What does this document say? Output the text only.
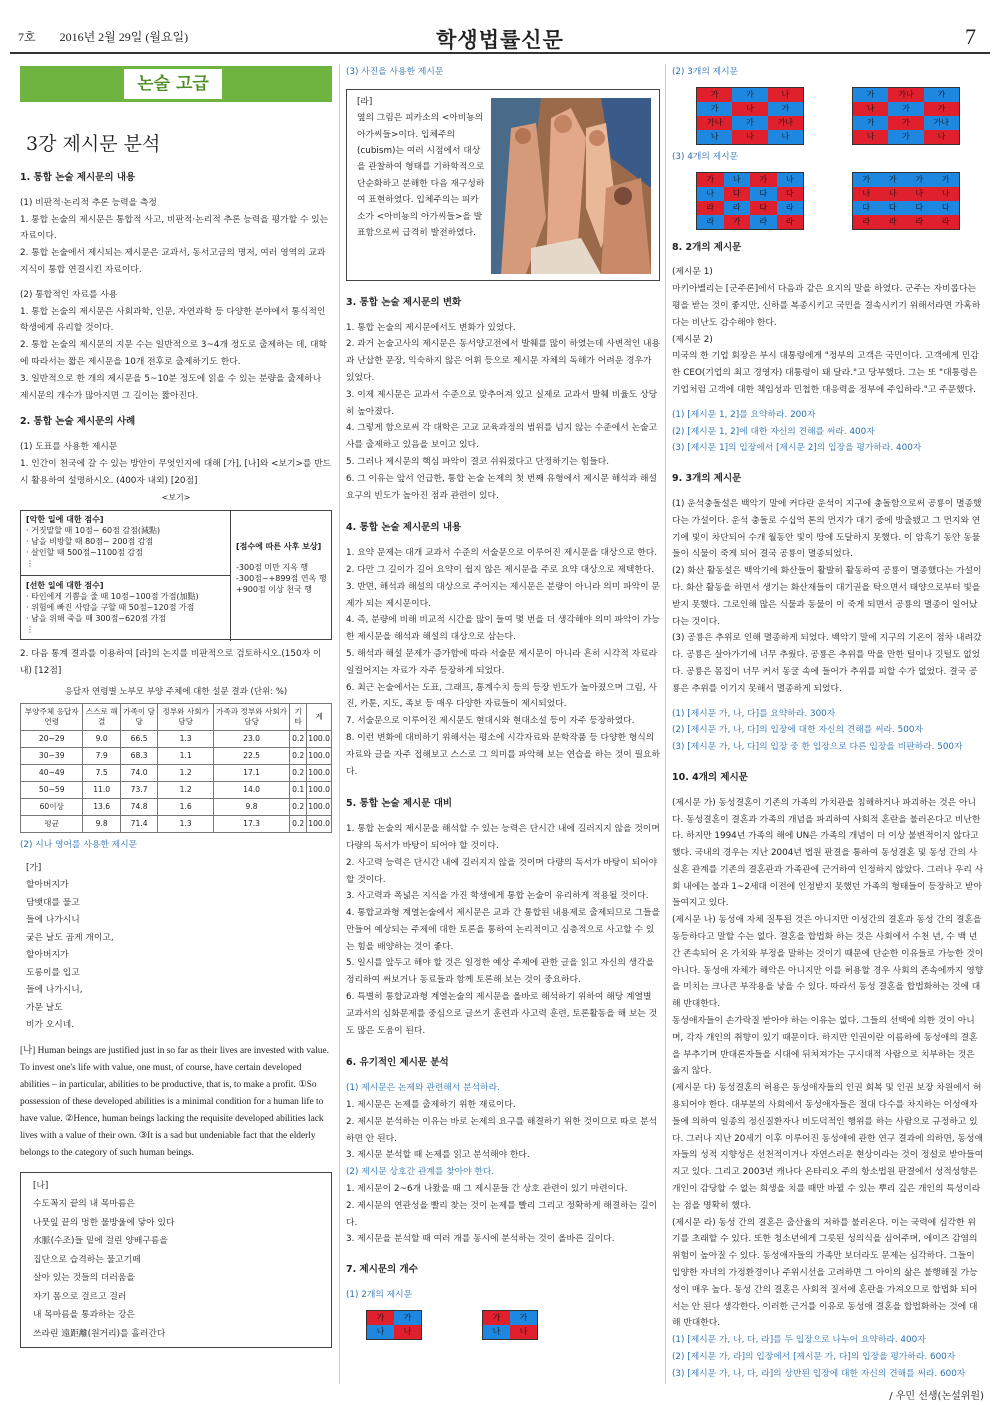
7호 2016년 2월 29일 (월요일)	학생법률신문	7
논술 고급
3강 제시문 분석
1. 통합 논술 제시문의 내용
(1) 비판적·논리적 추론 능력을 측정
1. 통합 논술의 제시문은 통합적 사고, 비판적·논리적 추론 능력을 평가할 수 있는 자료이다.
2. 통합 논술에서 제시되는 제시문은 교과서, 동서고금의 명저, 여러 영역의 교과 지식이 통합 연결시킨 자료이다.
(2) 통합적인 자료를 사용
1. 통합 논술의 제시문은 사회과학, 인문, 자연과학 등 다양한 분야에서 통식적인 학생에게 유리할 것이다.
2. 통합 논술의 제시문의 지문 수는 일반적으로 3~4개 정도로 출제하는 데, 대학에 따라서는 짧은 제시문을 10개 전후로 출제하기도 한다.
3. 일반적으로 한 개의 제시문을 5~10분 정도에 읽을 수 있는 분량을 출제하나 제시문의 개수가 많아지면 그 길이는 짧아진다.
2. 통합 논술 제시문의 사례
(1) 도표를 사용한 제시문
1. 인간이 천국에 갈 수 있는 방안이 무엇인지에 대해 [가], [나]와 <보기>를 반드시 활용하여 설명하시오. (400자 내외) [20점]
<보기>
[악한 일에 대한 점수]
· 거짓말할 때 10점~ 60점 감점(減點)
· 남을 비방할 때 80점~ 200점 감점
· 살인할 때 500점~1100점 감점
⋮
[선한 일에 대한 점수]
· 타인에게 기쁨을 줄 때 10점~100점 가점(加點)
· 위험에 빠진 사람을 구할 때 50점~120점 가점
· 남을 위해 죽을 때 300점~620점 가점
⋮
[점수에 따른 사후 보상]
-300점 미만 지옥 행
-300점~+899점 연옥 행
+900점 이상 천국 행
2. 다음 통계 결과를 이용하여 [라]의 논지를 비판적으로 검토하시오.(150자 이내) [12점]
응답자 연령별 노부모 부양 주체에 대한 설문 결과 (단위: %)
부양주체 응답자연령	스스로 해결	가족이 담당	정부와 사회가 담당	가족과 정부와 사회가 담당	기타	계
20~29	9.0	66.5	1.3	23.0	0.2	100.0
30~39	7.9	68.3	1.1	22.5	0.2	100.0
40~49	7.5	74.0	1.2	17.1	0.2	100.0
50~59	11.0	73.7	1.2	14.0	0.1	100.0
60이상	13.6	74.8	1.6	9.8	0.2	100.0
평균	9.8	71.4	1.3	17.3	0.2	100.0
(2) 시나 영어를 사용한 제시문
[가]
할아버지가
담뱃대를 물고
들에 나가시니
궂은 날도 곱게 개이고,
할아버지가
도롱이를 입고
들에 나가시니,
가문 날도
비가 오시네.
[나] Human beings are justified just in so far as their lives are invested with value. To invest one's life with value, one must, of course, have certain developed abilities – in particular, abilities to be productive, that is, to make a profit. ①So possession of these developed abilities is a minimal condition for a human life to have value. ②Hence, human beings lacking the requisite developed abilities lack lives with a value of their own. ③It is a sad but undeniable fact that the elderly belongs to the category of such human beings.
[나]
수도꼭지 끝의 내 목마름은
나뭇잎 끝의 멍한 물방울에 닿아 있다
水脈(수조)들 밑에 걸린 양배구름을
집단으로 습격하는 물고기떼
살아 있는 것들의 더러움을
자기 몸으로 걸르고 걸러
내 목마름을 통과하는 강은
쓰라린 遠距離(원거리)를 흘러간다
(3) 사진을 사용한 제시문
[라]
옆의 그림은 피카소의 <아비뇽의 아가씨들>이다. 입체주의(cubism)는 여러 시점에서 대상을 관찰하여 형태를 기하학적으로 단순화하고 분해한 다음 재구성하여 표현하였다. 입체주의는 피카소가 <아비뇽의 아가씨들>을 발표함으로써 급격히 발전하였다.
3. 통합 논술 제시문의 변화
1. 통합 논술의 제시문에서도 변화가 있었다.
2. 과거 논술고사의 제시문은 동서양고전에서 발췌를 많이 하였는데 사변적인 내용과 난삽한 문장, 익숙하지 않은 어휘 등으로 제시문 자체의 독해가 어려운 경우가 있었다.
3. 이제 제시문은 교과서 수준으로 맞추어져 있고 실제로 교과서 발췌 비율도 상당히 높아졌다.
4. 그렇게 함으로써 각 대학은 고교 교육과정의 범위를 넘지 않는 수준에서 논술고사를 출제하고 있음을 보이고 있다.
5. 그러나 제시문의 핵심 파악이 결코 쉬워졌다고 단정하기는 힘들다.
6. 그 이유는 앞서 언급한, 통합 논술 논제의 첫 번째 유형에서 제시문 해석과 해설 요구의 빈도가 높아진 점과 관련이 있다.
4. 통합 논술 제시문의 내용
1. 요약 문제는 대개 교과서 수준의 서술문으로 이루어진 제시문을 대상으로 한다.
2. 다만 그 길이가 길어 요약이 쉽지 않은 제시문을 주로 요약 대상으로 제택한다.
3. 반면, 해석과 해설의 대상으로 주어지는 제시문은 분량이 아니라 의미 파악이 문제가 되는 제시문이다.
4. 즉, 분량에 비해 비교적 시간을 많이 들여 몇 번을 더 생각해야 의미 파악이 가능한 제시문을 해석과 해설의 대상으로 삼는다.
5. 해석과 해설 문제가 증가함에 따라 서술문 제시문이 아니라 흔히 시각적 자료라 일컬어지는 자료가 자주 등장하게 되었다.
6. 최근 논술에서는 도표, 그래프, 통계수치 등의 등장 빈도가 높아졌으며 그림, 사진, 카툰, 지도, 족보 등 매우 다양한 자료들이 제시되었다.
7. 서술문으로 이루어진 제시문도 현대시와 현대소설 등이 자주 등장하였다.
8. 이런 변화에 대비하기 위해서는 평소에 시각자료와 문학작품 등 다양한 형식의 자료와 글을 자주 접해보고 스스로 그 의미를 파악해 보는 연습을 하는 것이 필요하다.
5. 통합 논술 제시문 대비
1. 통합 논술의 제시문을 해석할 수 있는 능력은 단시간 내에 길러지지 않을 것이며 다량의 독서가 바탕이 되어야 할 것이다.
2. 사고력 능력은 단시간 내에 길러지지 않을 것이며 다량의 독서가 바탕이 되어야 할 것이다.
3. 사고력과 폭넓은 지식을 가진 학생에게 통합 논술이 유리하게 적용될 것이다.
4. 통합교과형 계열논술에서 제시문은 교과 간 통합된 내용제로 출제되므로 그들을 만들어 예상되는 주제에 대한 토론을 통하여 논리적이고 심층적으로 사고할 수 있는 힘을 배양하는 것이 좋다.
5. 일시를 앞두고 해야 할 것은 일정한 예상 주제에 관한 글을 읽고 자신의 생각을 정리하여 써보거나 동료들과 함께 토론해 보는 것이 중요하다.
6. 특별히 통합교과형 계열논술의 제시문을 올바로 해석하기 위하여 해당 계열별 교과서의 심화문제를 중심으로 글쓰기 훈련과 사고력 훈련, 토론활동을 해 보는 것도 많은 도움이 된다.
6. 유기적인 제시문 분석
(1) 제시문은 논제와 관련해서 분석하라.
1. 제시문은 논제를 출제하기 위한 재료이다.
2. 제시문 분석하는 이유는 바로 논제의 요구를 해결하기 위한 것이므로 따로 분석하면 안 된다.
3. 제시문 분석할 때 논제를 읽고 분석해야 한다.
(2) 제시문 상호간 관계를 찾아야 한다.
1. 제시문이 2~6개 나왔을 때 그 제시문들 간 상호 관련이 있기 마련이다.
2. 제시문의 연관성을 빨리 찾는 것이 논제를 빨리 그리고 정확하게 해결하는 길이다.
3. 제시문을 분석할 때 여러 개를 동시에 분석하는 것이 올바른 길이다.
7. 제시문의 개수
(1) 2개의 제시문
가	가
나	나
가	가
나	나
(2) 3개의 제시문
가	가	나
가	나	가
가나	가	가나
나	나	나
가	가나	가
나	가	가
가	가	가나
나	가	나
(3) 4개의 제시문
가	나	가	나
나	다	다	다
라	라	다	라
라	가	라	라
가	가	가	가
나	나	나	나
다	다	다	다
라	라	라	라
8. 2개의 제시문
(제시문 1)
마키아벨리는 [군주론]에서 다음과 같은 요지의 말을 하였다. 군주는 자비롭다는 평을 받는 것이 좋지만, 신하를 복종시키고 국민을 결속시키기 위해서라면 가혹하다는 비난도 감수해야 한다.
(제시문 2)
미국의 한 기업 회장은 부시 대통령에게 "정부의 고객은 국민이다. 고객에게 민감한 CEO(기업의 최고 경영자) 대통령이 돼 달라."고 당부했다. 그는 또 "대통령은 기업처럼 고객에 대한 책임성과 민첩한 대응력을 정부에 주입하라."고 주문했다.
(1) [제시문 1, 2]를 요약하라. 200자
(2) [제시문 1, 2]에 대한 자신의 견해를 써라. 400자
(3) [제시문 1]의 입장에서 [제시문 2]의 입장을 평가하라. 400자
9. 3개의 제시문
(1) 운석충돌설은 백악기 말에 커다란 운석이 지구에 충돌함으로써 공룡이 멸종했다는 가설이다. 운석 충돌로 수십억 톤의 먼지가 대기 중에 방출됐고 그 먼지와 연기에 빛이 차단되어 수개 월동안 빛이 땅에 도달하지 못했다. 이 암흑기 동안 동물들이 식물이 죽게 되어 결국 공룡이 멸종되었다.
(2) 화산 활동설은 백악기에 화산들이 활발히 활동하여 공룡이 멸종했다는 가설이다. 화산 활동을 하면서 생기는 화산재들이 대기권을 탁으면서 태양으로부터 빛을 받지 못했다. 그로인해 많은 식물과 동물이 이 죽게 되면서 공룡의 멸종이 일어났다는 것이다.
(3) 공룡은 추위로 인해 멸종하게 되었다. 백악기 말에 지구의 기온이 점차 내려갔다. 공룡은 살아가기에 너무 추웠다. 공룡은 추위를 막을 만한 털이나 깃털도 없었다. 공룡은 몸집이 너무 커서 동굴 속에 들어가 추위를 피할 수가 없었다. 결국 공룡은 추위를 이기지 못해서 멸종하게 되었다.
(1) [제시문 가, 나, 다]를 요약하라. 300자
(2) [제시문 가, 나, 다]의 입장에 대한 자신의 견해를 써라. 500자
(3) [제시문 가, 나, 다]의 입장 중 한 입장으로 다른 입장을 비판하라. 500자
10. 4개의 제시문
(제시문 가) 동성결혼이 기존의 가족의 가치관을 침해하거나 파괴하는 것은 아니다. 동성결혼이 결혼과 가족의 개념을 파괴하여 사회적 혼란을 불러온다고 비난한다. 하지만 1994년 가족의 해에 UN은 가족의 개념이 더 이상 불변적이지 않다고 했다. 국내의 경우는 지난 2004년 법원 판결을 통하여 동성결혼 및 동성 간의 사실혼 관계를 기존의 결혼관과 가족관에 근거하여 인정하지 않았다. 그러나 우리 사회 내에는 불과 1~2세대 이전에 인정받지 못했던 가족의 형태들이 등장하고 받아들여지고 있다.
(제시문 나) 동성애 자체 질투된 것은 아니지만 이성간의 결혼과 동성 간의 결혼을 동등하다고 말할 수는 없다. 결혼을 합법화 하는 것은 사회에서 수천 년, 수 백 년 간 존속되어 온 가치와 부정을 말하는 것이기 때문에 단순한 이유들로 가능한 것이 아니다. 동성애 자체가 해악은 아니지만 이를 허용할 경우 사회의 존속에까지 영향을 미치는 크나큰 부작용을 낳을 수 있다. 따라서 동성 결혼을 합법화하는 것에 대해 반대한다.
동성애자들이 손가락질 받아야 하는 이유는 없다. 그들의 선택에 의한 것이 아니며, 각자 개인의 취향이 있기 때문이다. 하지만 인권이란 이름하에 동성애의 결혼을 부추기며 반대론자들을 시대에 뒤쳐져가는 구시대적 사람으로 치부하는 것은 옳지 않다.
(제시문 다) 동성결혼의 허용은 동성애자들의 인권 회복 및 인권 보장 차원에서 허용되어야 한다. 대부분의 사회에서 동성애자들은 절대 다수를 차지하는 이성애자들에 의하여 일종의 정신질환자나 비도덕적인 행위를 하는 사람으로 규정하고 있다. 그러나 지난 20세기 이후 이루어진 동성애에 관한 연구 결과에 의하면, 동성애자들의 성적 지향성은 선천적이거나 자연스러운 현상이라는 것이 정설로 받아들여지고 있다. 그리고 2003년 캐나다 온타리오 주의 항소법원 판결에서 성적성향은 개인이 감당할 수 없는 희생을 치를 때만 바뀔 수 있는 뿌리 깊은 개인의 특성이라는 점을 명확히 했다.
(제시문 라) 동성 간의 결혼은 출산율의 저하를 불러온다. 이는 국력에 심각한 위기를 초래할 수 있다. 또한 청소년에게 그릇된 성의식을 심어주며, 에이즈 감염의 위험이 높아질 수 있다. 동성애자들의 가족만 보더라도 문제는 심각하다. 그들이 입양한 자녀의 가정환경이나 주위시선을 고려하면 그 아이의 삶은 불행해질 가능성이 매우 높다. 동성 간의 결혼은 사회적 질서에 혼란을 가져오므로 합법화 되어서는 안 된다 생각한다. 이러한 근거를 이유로 동성애 결혼을 합법화하는 것에 대해 반대한다.
(1) [제시문 가, 나, 다, 라]를 두 입장으로 나누어 요약하라. 400자
(2) [제시문 가, 라]의 입장에서 [제시문 가, 다]의 입장을 평가하라. 600자
(3) [제시문 가, 나, 다, 라]의 상반된 입장에 대한 자신의 견해를 써라. 600자
/ 우민 선생(논설위원)
